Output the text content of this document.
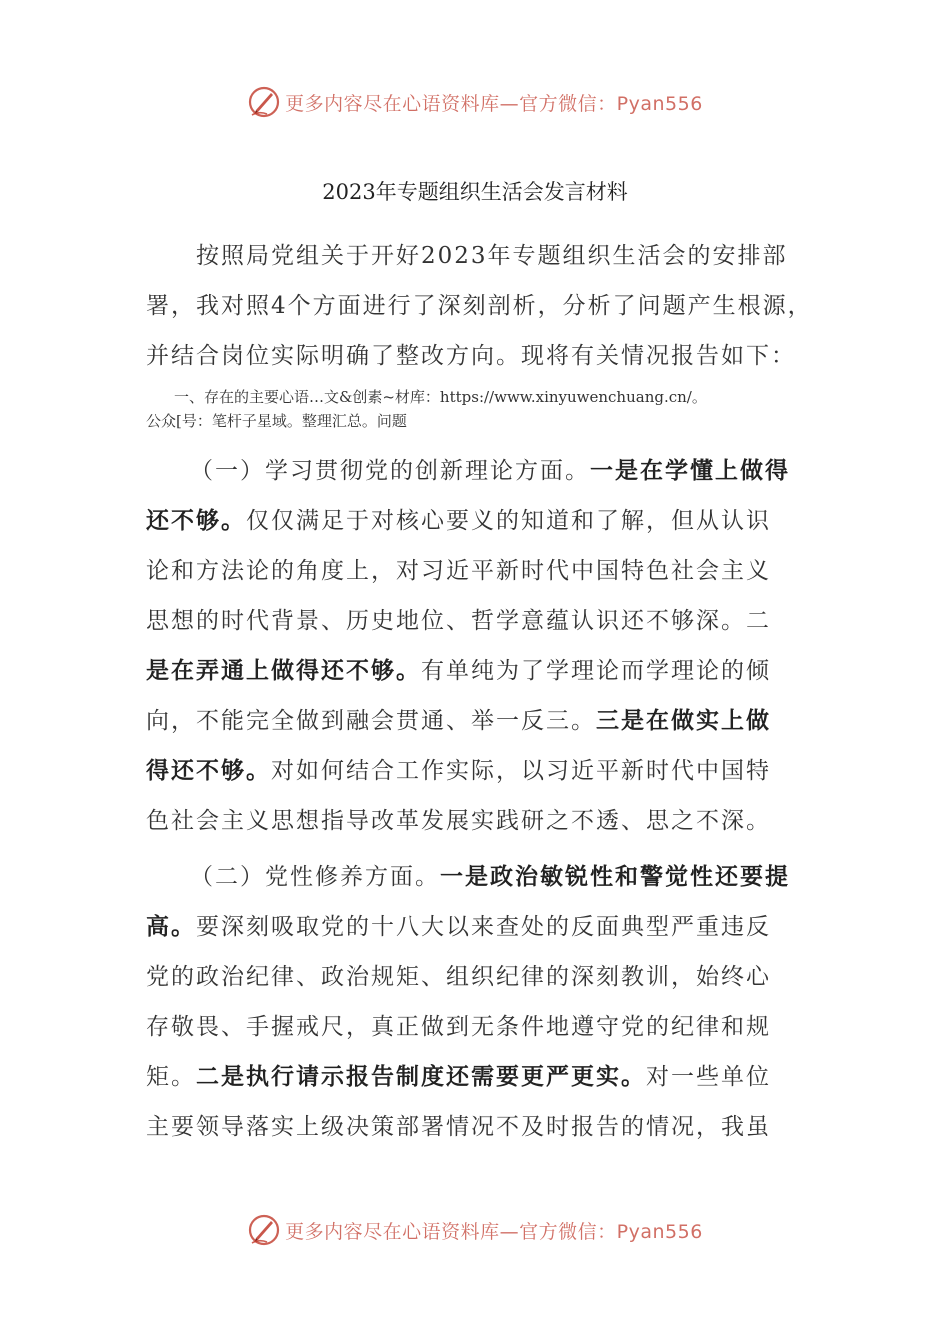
更多内容尽在心语资料库—官方微信：Pyan556
2023年专题组织生活会发言材料
按照局党组关于开好2023年专题组织生活会的安排部
署，我对照4个方面进行了深刻剖析，分析了问题产生根源，
并结合岗位实际明确了整改方向。现将有关情况报告如下：
一、存在的主要心语…文&创素~材库：https://www.xinyuwenchuang.cn/。
公众[号：笔杆子星域。整理汇总。问题
（一）学习贯彻党的创新理论方面。一是在学懂上做得
还不够。仅仅满足于对核心要义的知道和了解，但从认识
论和方法论的角度上，对习近平新时代中国特色社会主义
思想的时代背景、历史地位、哲学意蕴认识还不够深。二
是在弄通上做得还不够。有单纯为了学理论而学理论的倾
向，不能完全做到融会贯通、举一反三。三是在做实上做
得还不够。对如何结合工作实际，以习近平新时代中国特
色社会主义思想指导改革发展实践研之不透、思之不深。
（二）党性修养方面。一是政治敏锐性和警觉性还要提
高。要深刻吸取党的十八大以来查处的反面典型严重违反
党的政治纪律、政治规矩、组织纪律的深刻教训，始终心
存敬畏、手握戒尺，真正做到无条件地遵守党的纪律和规
矩。二是执行请示报告制度还需要更严更实。对一些单位
主要领导落实上级决策部署情况不及时报告的情况，我虽
更多内容尽在心语资料库—官方微信：Pyan556
